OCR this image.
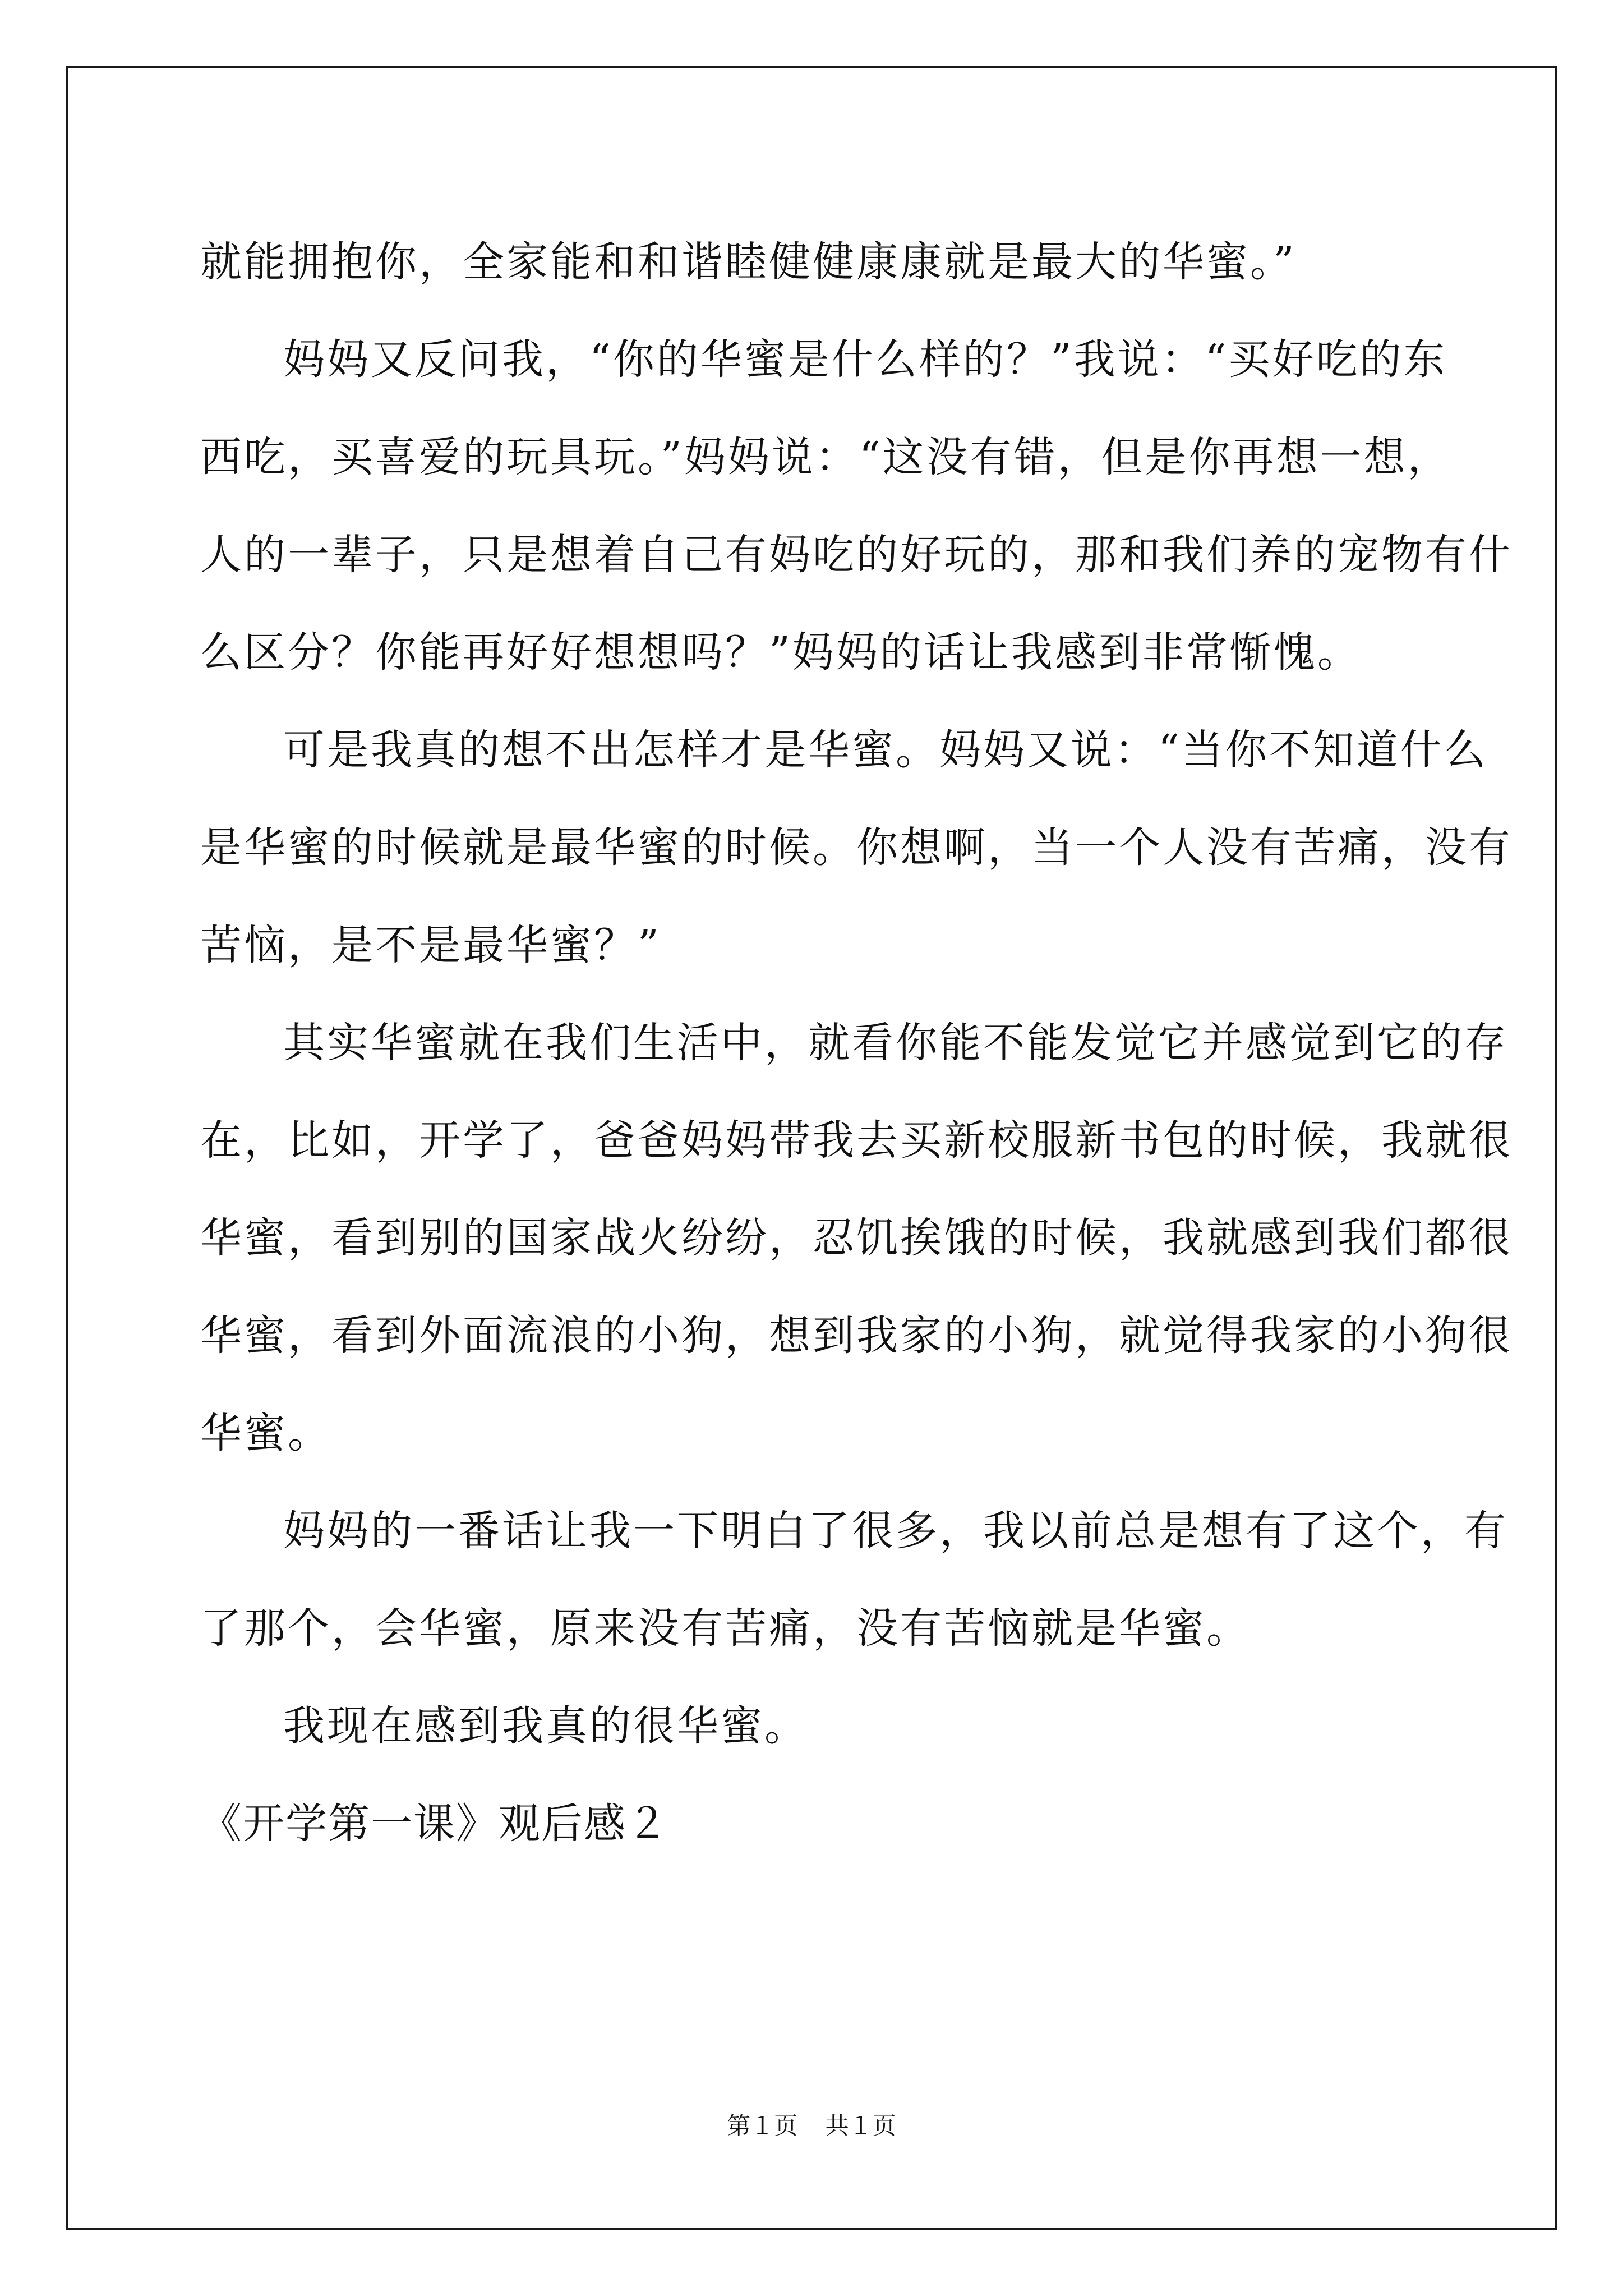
就能拥抱你，全家能和和谐睦健健康康就是最大的华蜜。”
妈妈又反问我，“你的华蜜是什么样的？”我说：“买好吃的东
西吃，买喜爱的玩具玩。”妈妈说：“这没有错，但是你再想一想，
人的一辈子，只是想着自己有妈吃的好玩的，那和我们养的宠物有什
么区分？你能再好好想想吗？”妈妈的话让我感到非常惭愧。
可是我真的想不出怎样才是华蜜。妈妈又说：“当你不知道什么
是华蜜的时候就是最华蜜的时候。你想啊，当一个人没有苦痛，没有
苦恼，是不是最华蜜？”
其实华蜜就在我们生活中，就看你能不能发觉它并感觉到它的存
在，比如，开学了，爸爸妈妈带我去买新校服新书包的时候，我就很
华蜜，看到别的国家战火纷纷，忍饥挨饿的时候，我就感到我们都很
华蜜，看到外面流浪的小狗，想到我家的小狗，就觉得我家的小狗很
华蜜。
妈妈的一番话让我一下明白了很多，我以前总是想有了这个，有
了那个，会华蜜，原来没有苦痛，没有苦恼就是华蜜。
我现在感到我真的很华蜜。
《开学第一课》观后感２
第１页 共１页
